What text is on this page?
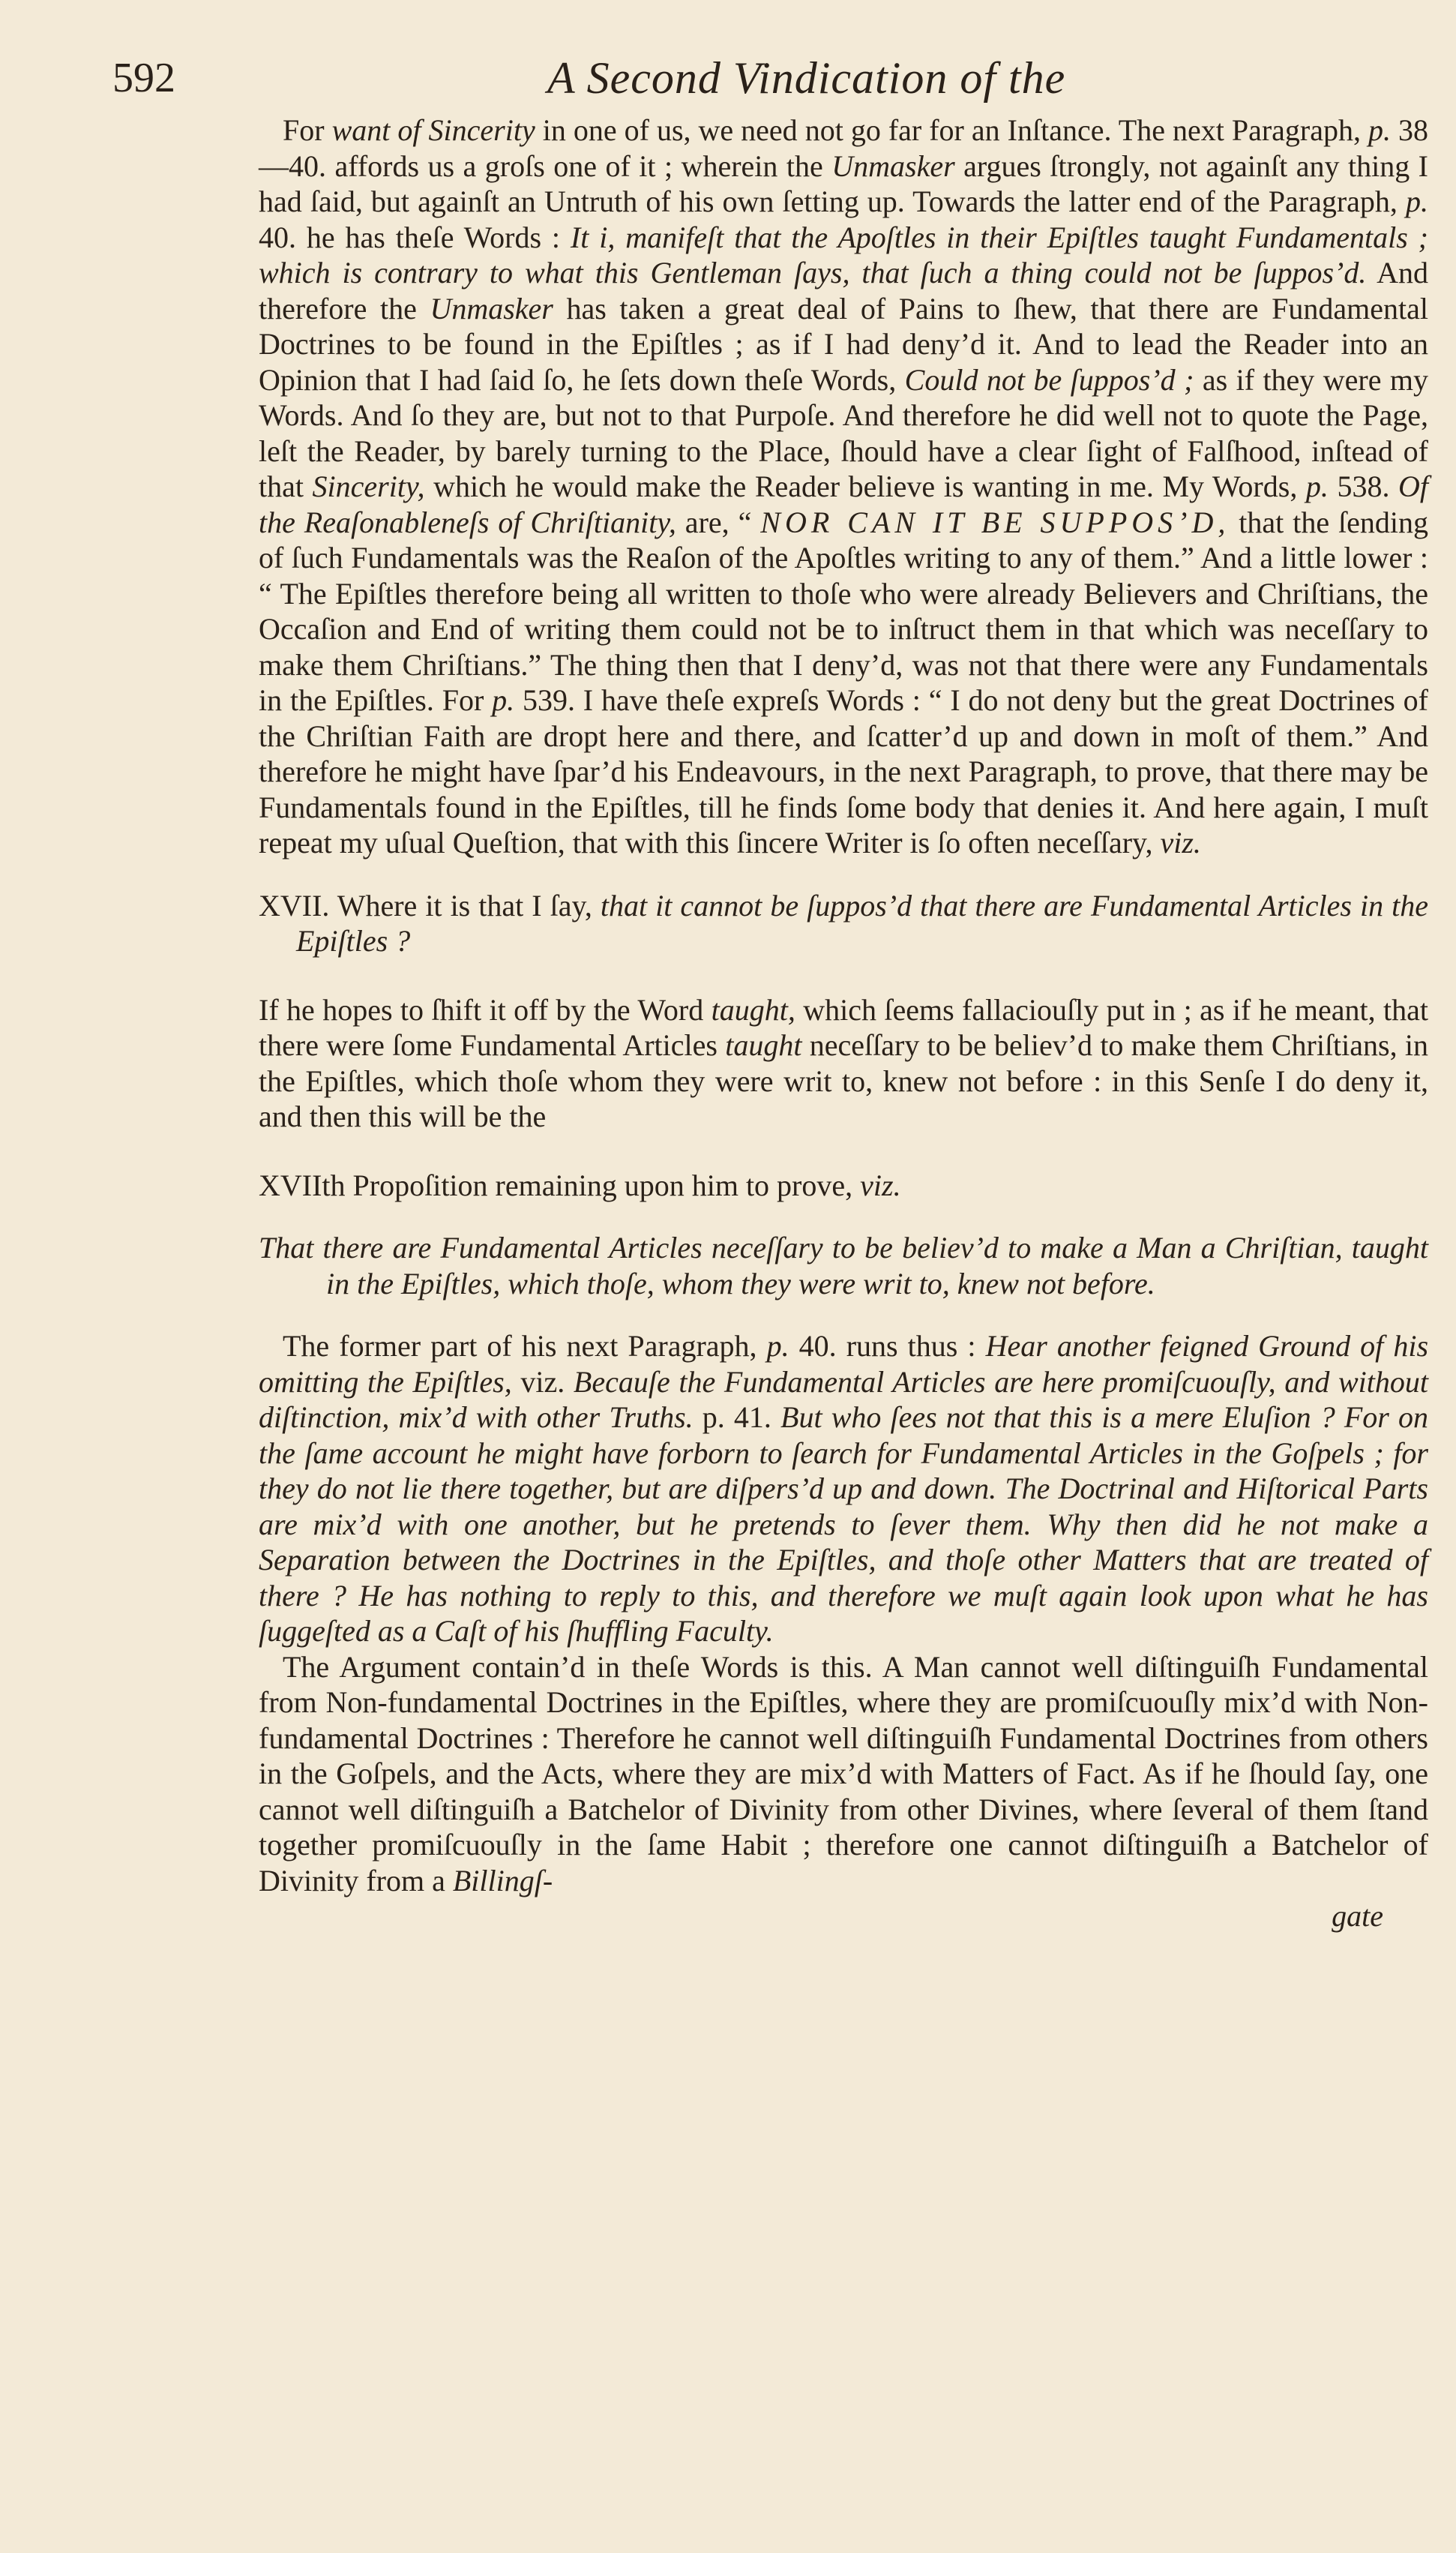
592	A Second Vindication of the

For want of Sincerity in one of us, we need not go far for an Inſtance. The next Paragraph, p. 38—40. affords us a groſs one of it ; wherein the Unmasker argues ſtrongly, not againſt any thing I had ſaid, but againſt an Untruth of his own ſetting up. Towards the latter end of the Paragraph, p. 40. he has theſe Words : It i, manifeſt that the Apoſtles in their Epiſtles taught Fundamentals ; which is contrary to what this Gentleman ſays, that ſuch a thing could not be ſuppos’d. And therefore the Unmasker has taken a great deal of Pains to ſhew, that there are Fundamental Doctrines to be found in the Epiſtles ; as if I had deny’d it. And to lead the Reader into an Opinion that I had ſaid ſo, he ſets down theſe Words, Could not be ſuppos’d ; as if they were my Words. And ſo they are, but not to that Purpoſe. And therefore he did well not to quote the Page, leſt the Reader, by barely turning to the Place, ſhould have a clear ſight of Falſhood, inſtead of that Sincerity, which he would make the Reader believe is wanting in me. My Words, p. 538. Of the Reaſonableneſs of Chriſtianity, are, “ NOR CAN IT BE SUPPOS’D, that the ſending of ſuch Fundamentals was the Reaſon of the Apoſtles writing to any of them.” And a little lower : “ The Epiſtles therefore being all written to thoſe who were already Believers and Chriſtians, the Occaſion and End of writing them could not be to inſtruct them in that which was neceſſary to make them Chriſtians.” The thing then that I deny’d, was not that there were any Fundamentals in the Epiſtles. For p. 539. I have theſe expreſs Words : “ I do not deny but the great Doctrines of the Chriſtian Faith are dropt here and there, and ſcatter’d up and down in moſt of them.” And therefore he might have ſpar’d his Endeavours, in the next Paragraph, to prove, that there may be Fundamentals found in the Epiſtles, till he finds ſome body that denies it. And here again, I muſt repeat my uſual Queſtion, that with this ſincere Writer is ſo often neceſſary, viz.

XVII. Where it is that I ſay, that it cannot be ſuppos’d that there are Fundamental Articles in the Epiſtles ?

If he hopes to ſhift it off by the Word taught, which ſeems fallaciouſly put in ; as if he meant, that there were ſome Fundamental Articles taught neceſſary to be believ’d to make them Chriſtians, in the Epiſtles, which thoſe whom they were writ to, knew not before : in this Senſe I do deny it, and then this will be the

XVIIth Propoſition remaining upon him to prove, viz.

That there are Fundamental Articles neceſſary to be believ’d to make a Man a Chriſtian, taught in the Epiſtles, which thoſe, whom they were writ to, knew not before.

The former part of his next Paragraph, p. 40. runs thus : Hear another feigned Ground of his omitting the Epiſtles, viz. Becauſe the Fundamental Articles are here promiſcuouſly, and without diſtinction, mix’d with other Truths. p. 41. But who ſees not that this is a mere Eluſion ? For on the ſame account he might have forborn to ſearch for Fundamental Articles in the Goſpels ; for they do not lie there together, but are diſpers’d up and down. The Doctrinal and Hiſtorical Parts are mix’d with one another, but he pretends to ſever them. Why then did he not make a Separation between the Doctrines in the Epiſtles, and thoſe other Matters that are treated of there ? He has nothing to reply to this, and therefore we muſt again look upon what he has ſuggeſted as a Caſt of his ſhuffling Faculty.

The Argument contain’d in theſe Words is this. A Man cannot well diſtinguiſh Fundamental from Non-fundamental Doctrines in the Epiſtles, where they are promiſcuouſly mix’d with Non-fundamental Doctrines : Therefore he cannot well diſtinguiſh Fundamental Doctrines from others in the Goſpels, and the Acts, where they are mix’d with Matters of Fact. As if he ſhould ſay, one cannot well diſtinguiſh a Batchelor of Divinity from other Divines, where ſeveral of them ſtand together promiſcuouſly in the ſame Habit ; therefore one cannot diſtinguiſh a Batchelor of Divinity from a Billingſ-

gate
